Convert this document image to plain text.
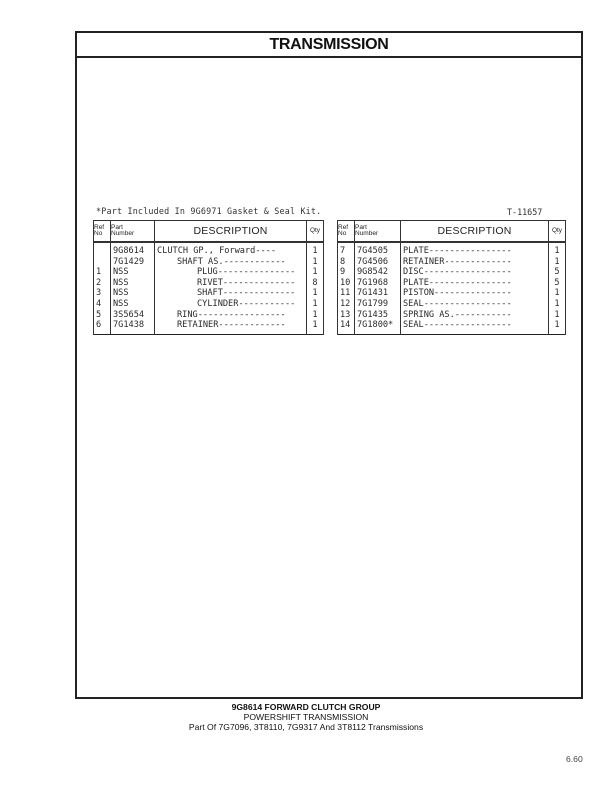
TRANSMISSION
*Part Included In 9G6971 Gasket & Seal Kit.	T-11657
Ref
No	Part
Number	DESCRIPTION	Qty
	9G8614	CLUTCH GP., Forward----	1
	7G1429	SHAFT AS.------------	1
1	NSS	PLUG---------------	1
2	NSS	RIVET--------------	8
3	NSS	SHAFT--------------	1
4	NSS	CYLINDER-----------	1
5	3S5654	RING-----------------	1
6	7G1438	RETAINER-------------	1
Ref
No	Part
Number	DESCRIPTION	Qty
7	7G4505	PLATE----------------	1
8	7G4506	RETAINER-------------	1
9	9G8542	DISC-----------------	5
10	7G1968	PLATE----------------	5
11	7G1431	PISTON---------------	1
12	7G1799	SEAL-----------------	1
13	7G1435	SPRING AS.-----------	1
14	7G1800*	SEAL-----------------	1
9G8614 FORWARD CLUTCH GROUP
POWERSHIFT TRANSMISSION
Part Of 7G7096, 3T8110, 7G9317 And 3T8112 Transmissions
6.60
